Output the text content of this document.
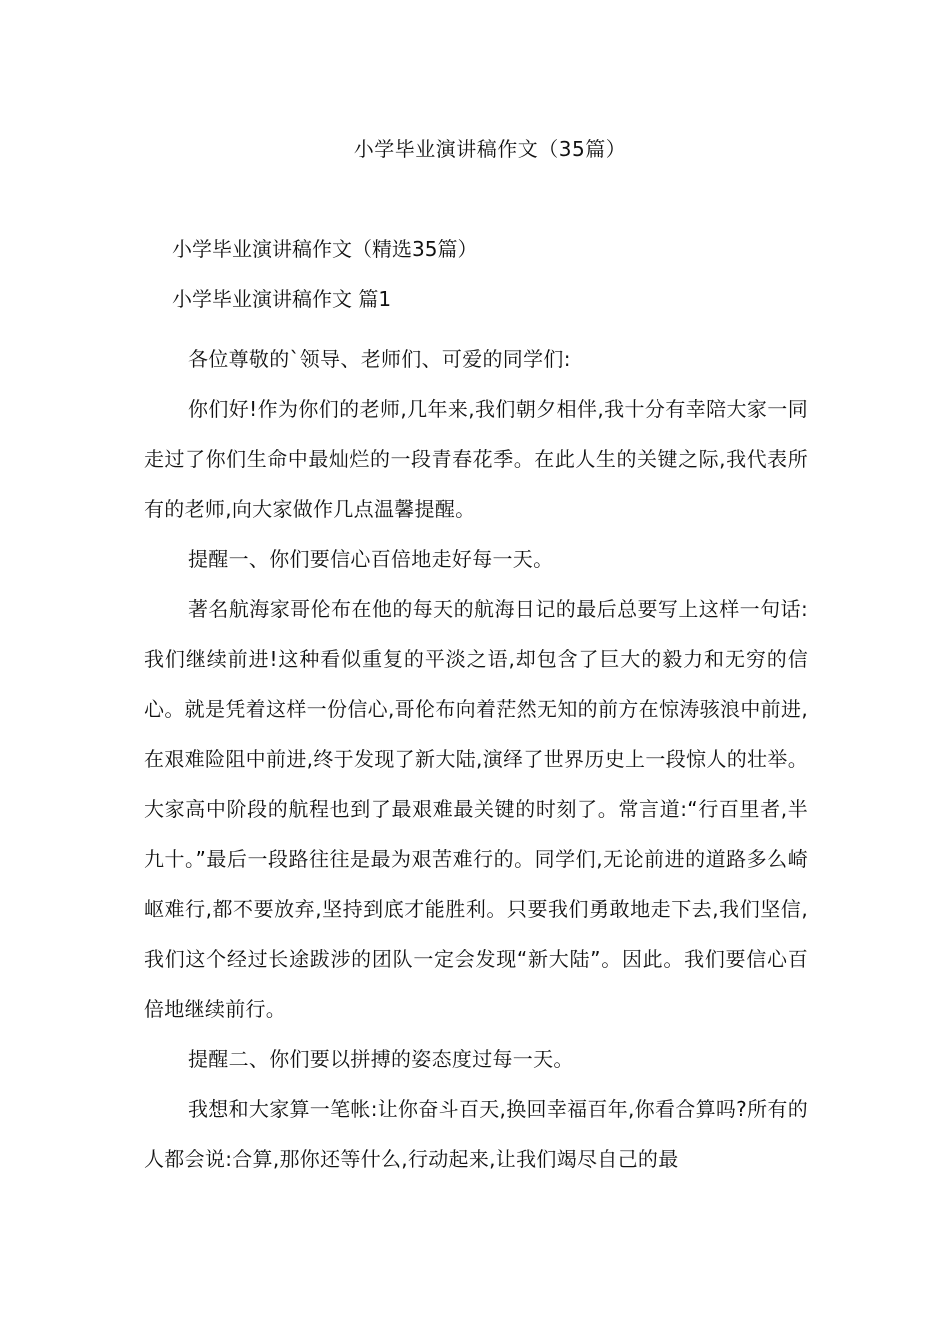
小学毕业演讲稿作文（35篇）

小学毕业演讲稿作文（精选35篇）

小学毕业演讲稿作文 篇1

各位尊敬的`领导、老师们、可爱的同学们:

你们好!作为你们的老师,几年来,我们朝夕相伴,我十分有幸陪大家一同走过了你们生命中最灿烂的一段青春花季。在此人生的关键之际,我代表所有的老师,向大家做作几点温馨提醒。

提醒一、你们要信心百倍地走好每一天。

著名航海家哥伦布在他的每天的航海日记的最后总要写上这样一句话:我们继续前进!这种看似重复的平淡之语,却包含了巨大的毅力和无穷的信心。就是凭着这样一份信心,哥伦布向着茫然无知的前方在惊涛骇浪中前进,在艰难险阻中前进,终于发现了新大陆,演绎了世界历史上一段惊人的壮举。大家高中阶段的航程也到了最艰难最关键的时刻了。常言道:“行百里者,半九十。”最后一段路往往是最为艰苦难行的。同学们,无论前进的道路多么崎岖难行,都不要放弃,坚持到底才能胜利。只要我们勇敢地走下去,我们坚信,我们这个经过长途跋涉的团队一定会发现“新大陆”。因此。我们要信心百倍地继续前行。

提醒二、你们要以拼搏的姿态度过每一天。

我想和大家算一笔帐:让你奋斗百天,换回幸福百年,你看合算吗?所有的人都会说:合算,那你还等什么,行动起来,让我们竭尽自己的最
